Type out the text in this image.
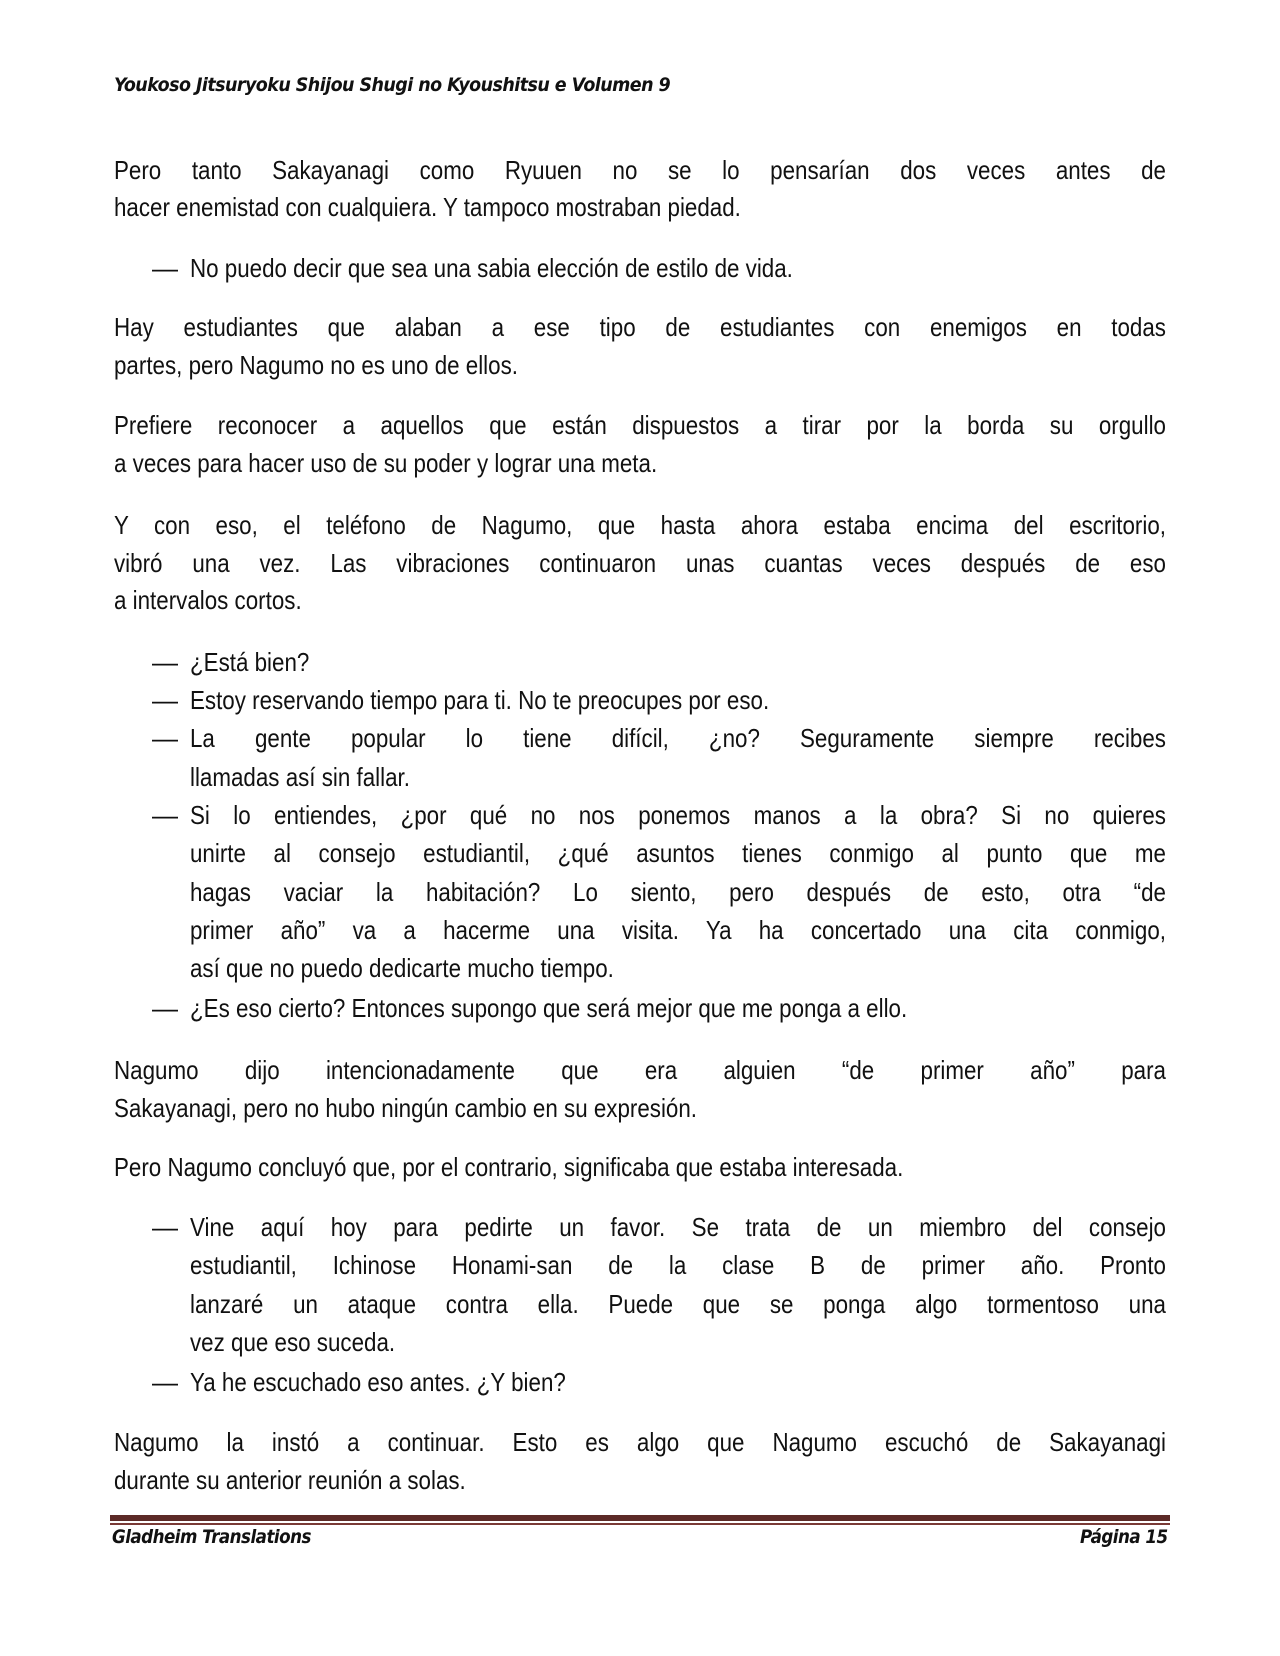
Youkoso Jitsuryoku Shijou Shugi no Kyoushitsu e Volumen 9
Pero tanto Sakayanagi como Ryuuen no se lo pensarían dos veces antes de
hacer enemistad con cualquiera. Y tampoco mostraban piedad.
— No puedo decir que sea una sabia elección de estilo de vida.
Hay estudiantes que alaban a ese tipo de estudiantes con enemigos en todas
partes, pero Nagumo no es uno de ellos.
Prefiere reconocer a aquellos que están dispuestos a tirar por la borda su orgullo
a veces para hacer uso de su poder y lograr una meta.
Y con eso, el teléfono de Nagumo, que hasta ahora estaba encima del escritorio,
vibró una vez. Las vibraciones continuaron unas cuantas veces después de eso
a intervalos cortos.
— ¿Está bien?
— Estoy reservando tiempo para ti. No te preocupes por eso.
— La gente popular lo tiene difícil, ¿no? Seguramente siempre recibes
llamadas así sin fallar.
— Si lo entiendes, ¿por qué no nos ponemos manos a la obra? Si no quieres
unirte al consejo estudiantil, ¿qué asuntos tienes conmigo al punto que me
hagas vaciar la habitación? Lo siento, pero después de esto, otra “de
primer año” va a hacerme una visita. Ya ha concertado una cita conmigo,
así que no puedo dedicarte mucho tiempo.
— ¿Es eso cierto? Entonces supongo que será mejor que me ponga a ello.
Nagumo dijo intencionadamente que era alguien “de primer año” para
Sakayanagi, pero no hubo ningún cambio en su expresión.
Pero Nagumo concluyó que, por el contrario, significaba que estaba interesada.
— Vine aquí hoy para pedirte un favor. Se trata de un miembro del consejo
estudiantil, Ichinose Honami-san de la clase B de primer año. Pronto
lanzaré un ataque contra ella. Puede que se ponga algo tormentoso una
vez que eso suceda.
— Ya he escuchado eso antes. ¿Y bien?
Nagumo la instó a continuar. Esto es algo que Nagumo escuchó de Sakayanagi
durante su anterior reunión a solas.
Gladheim Translations	Página 15
